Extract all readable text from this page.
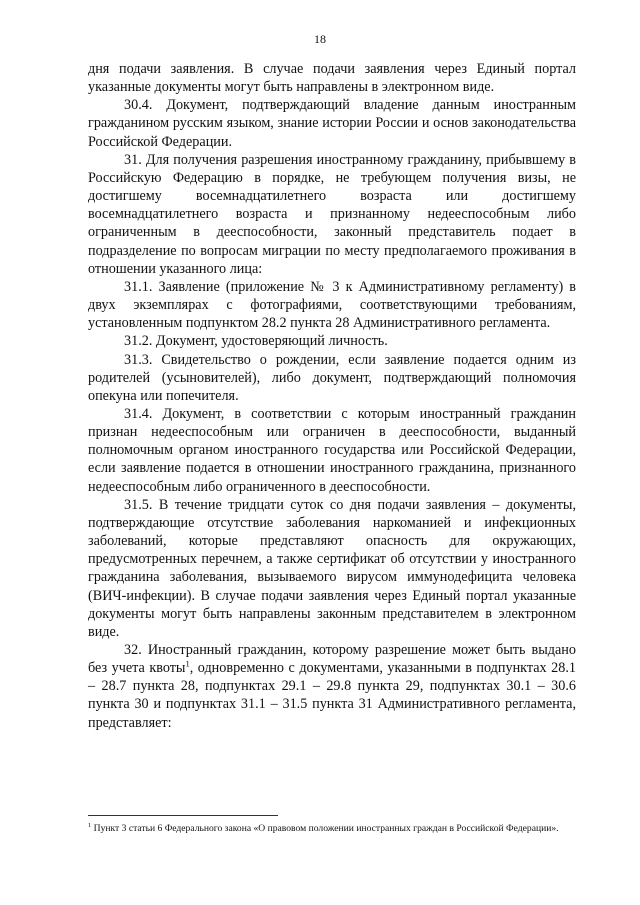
18

дня подачи заявления. В случае подачи заявления через Единый портал указанные документы могут быть направлены в электронном виде.

30.4. Документ, подтверждающий владение данным иностранным гражданином русским языком, знание истории России и основ законодательства Российской Федерации.

31. Для получения разрешения иностранному гражданину, прибывшему в Российскую Федерацию в порядке, не требующем получения визы, не достигшему восемнадцатилетнего возраста или достигшему восемнадцатилетнего возраста и признанному недееспособным либо ограниченным в дееспособности, законный представитель подает в подразделение по вопросам миграции по месту предполагаемого проживания в отношении указанного лица:

31.1. Заявление (приложение № 3 к Административному регламенту) в двух экземплярах с фотографиями, соответствующими требованиям, установленным подпунктом 28.2 пункта 28 Административного регламента.

31.2. Документ, удостоверяющий личность.

31.3. Свидетельство о рождении, если заявление подается одним из родителей (усыновителей), либо документ, подтверждающий полномочия опекуна или попечителя.

31.4. Документ, в соответствии с которым иностранный гражданин признан недееспособным или ограничен в дееспособности, выданный полномочным органом иностранного государства или Российской Федерации, если заявление подается в отношении иностранного гражданина, признанного недееспособным либо ограниченного в дееспособности.

31.5. В течение тридцати суток со дня подачи заявления – документы, подтверждающие отсутствие заболевания наркоманией и инфекционных заболеваний, которые представляют опасность для окружающих, предусмотренных перечнем, а также сертификат об отсутствии у иностранного гражданина заболевания, вызываемого вирусом иммунодефицита человека (ВИЧ-инфекции). В случае подачи заявления через Единый портал указанные документы могут быть направлены законным представителем в электронном виде.

32. Иностранный гражданин, которому разрешение может быть выдано без учета квоты$^1$, одновременно с документами, указанными в подпунктах 28.1 – 28.7 пункта 28, подпунктах 29.1 – 29.8 пункта 29, подпунктах 30.1 – 30.6 пункта 30 и подпунктах 31.1 – 31.5 пункта 31 Административного регламента, представляет:

$^1$ Пункт 3 статьи 6 Федерального закона «О правовом положении иностранных граждан в Российской Федерации».
